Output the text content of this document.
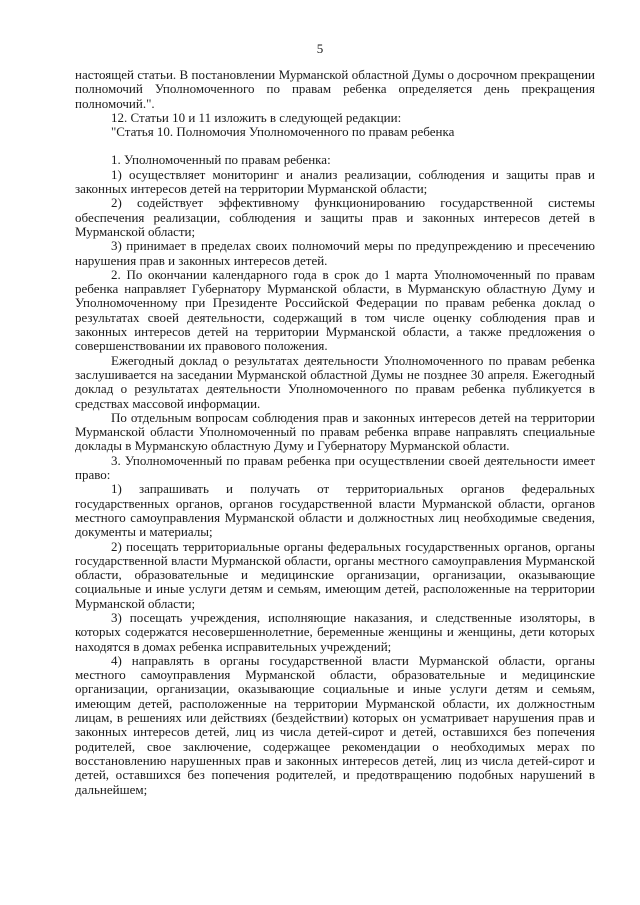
5

настоящей статьи. В постановлении Мурманской областной Думы о досрочном прекращении полномочий Уполномоченного по правам ребенка определяется день прекращения полномочий.".

12. Статьи 10 и 11 изложить в следующей редакции:

"Статья 10. Полномочия Уполномоченного по правам ребенка

1. Уполномоченный по правам ребенка:

1) осуществляет мониторинг и анализ реализации, соблюдения и защиты прав и законных интересов детей на территории Мурманской области;

2) содействует эффективному функционированию государственной системы обеспечения реализации, соблюдения и защиты прав и законных интересов детей в Мурманской области;

3) принимает в пределах своих полномочий меры по предупреждению и пресечению нарушения прав и законных интересов детей.

2. По окончании календарного года в срок до 1 марта Уполномоченный по правам ребенка направляет Губернатору Мурманской области, в Мурманскую областную Думу и Уполномоченному при Президенте Российской Федерации по правам ребенка доклад о результатах своей деятельности, содержащий в том числе оценку соблюдения прав и законных интересов детей на территории Мурманской области, а также предложения о совершенствовании их правового положения.

Ежегодный доклад о результатах деятельности Уполномоченного по правам ребенка заслушивается на заседании Мурманской областной Думы не позднее 30 апреля. Ежегодный доклад о результатах деятельности Уполномоченного по правам ребенка публикуется в средствах массовой информации.

По отдельным вопросам соблюдения прав и законных интересов детей на территории Мурманской области Уполномоченный по правам ребенка вправе направлять специальные доклады в Мурманскую областную Думу и Губернатору Мурманской области.

3. Уполномоченный по правам ребенка при осуществлении своей деятельности имеет право:

1) запрашивать и получать от территориальных органов федеральных государственных органов, органов государственной власти Мурманской области, органов местного самоуправления Мурманской области и должностных лиц необходимые сведения, документы и материалы;

2) посещать территориальные органы федеральных государственных органов, органы государственной власти Мурманской области, органы местного самоуправления Мурманской области, образовательные и медицинские организации, организации, оказывающие социальные и иные услуги детям и семьям, имеющим детей, расположенные на территории Мурманской области;

3) посещать учреждения, исполняющие наказания, и следственные изоляторы, в которых содержатся несовершеннолетние, беременные женщины и женщины, дети которых находятся в домах ребенка исправительных учреждений;

4) направлять в органы государственной власти Мурманской области, органы местного самоуправления Мурманской области, образовательные и медицинские организации, организации, оказывающие социальные и иные услуги детям и семьям, имеющим детей, расположенные на территории Мурманской области, их должностным лицам, в решениях или действиях (бездействии) которых он усматривает нарушения прав и законных интересов детей, лиц из числа детей-сирот и детей, оставшихся без попечения родителей, свое заключение, содержащее рекомендации о необходимых мерах по восстановлению нарушенных прав и законных интересов детей, лиц из числа детей-сирот и детей, оставшихся без попечения родителей, и предотвращению подобных нарушений в дальнейшем;
